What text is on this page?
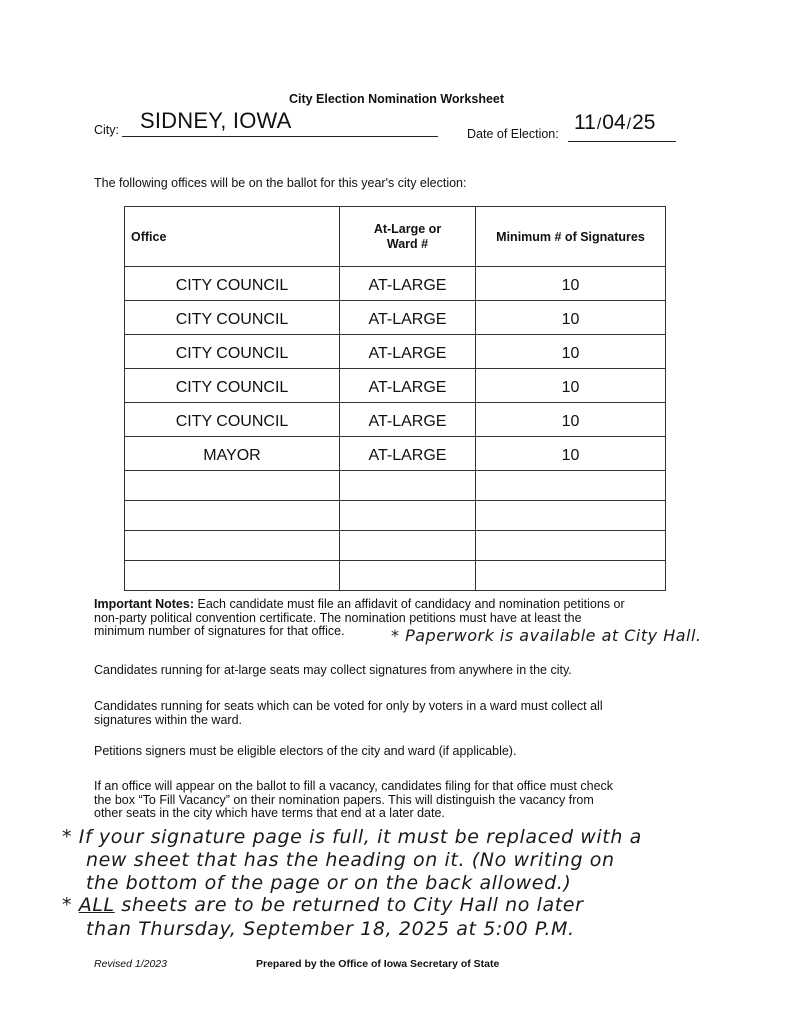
City Election Nomination Worksheet
City: SIDNEY, IOWA
Date of Election: 11/04/25
The following offices will be on the ballot for this year's city election:
Office	At-Large or Ward #	Minimum # of Signatures
CITY COUNCIL	AT-LARGE	10
CITY COUNCIL	AT-LARGE	10
CITY COUNCIL	AT-LARGE	10
CITY COUNCIL	AT-LARGE	10
CITY COUNCIL	AT-LARGE	10
MAYOR	AT-LARGE	10

Important Notes: Each candidate must file an affidavit of candidacy and nomination petitions or

non-party political convention certificate. The nomination petitions must have at least the

minimum number of signatures for that office.	* Paperwork is available at City Hall.

Candidates running for at-large seats may collect signatures from anywhere in the city.

Candidates running for seats which can be voted for only by voters in a ward must collect all
signatures within the ward.

Petitions signers must be eligible electors of the city and ward (if applicable).

If an office will appear on the ballot to fill a vacancy, candidates filing for that office must check
the box “To Fill Vacancy” on their nomination papers. This will distinguish the vacancy from
other seats in the city which have terms that end at a later date.
* If your signature page is full, it must be replaced with a
new sheet that has the heading on it. (No writing on
the bottom of the page or on the back allowed.)
* ALL sheets are to be returned to City Hall no later
than Thursday, September 18, 2025 at 5:00 P.M.
Revised 1/2023	Prepared by the Office of Iowa Secretary of State
